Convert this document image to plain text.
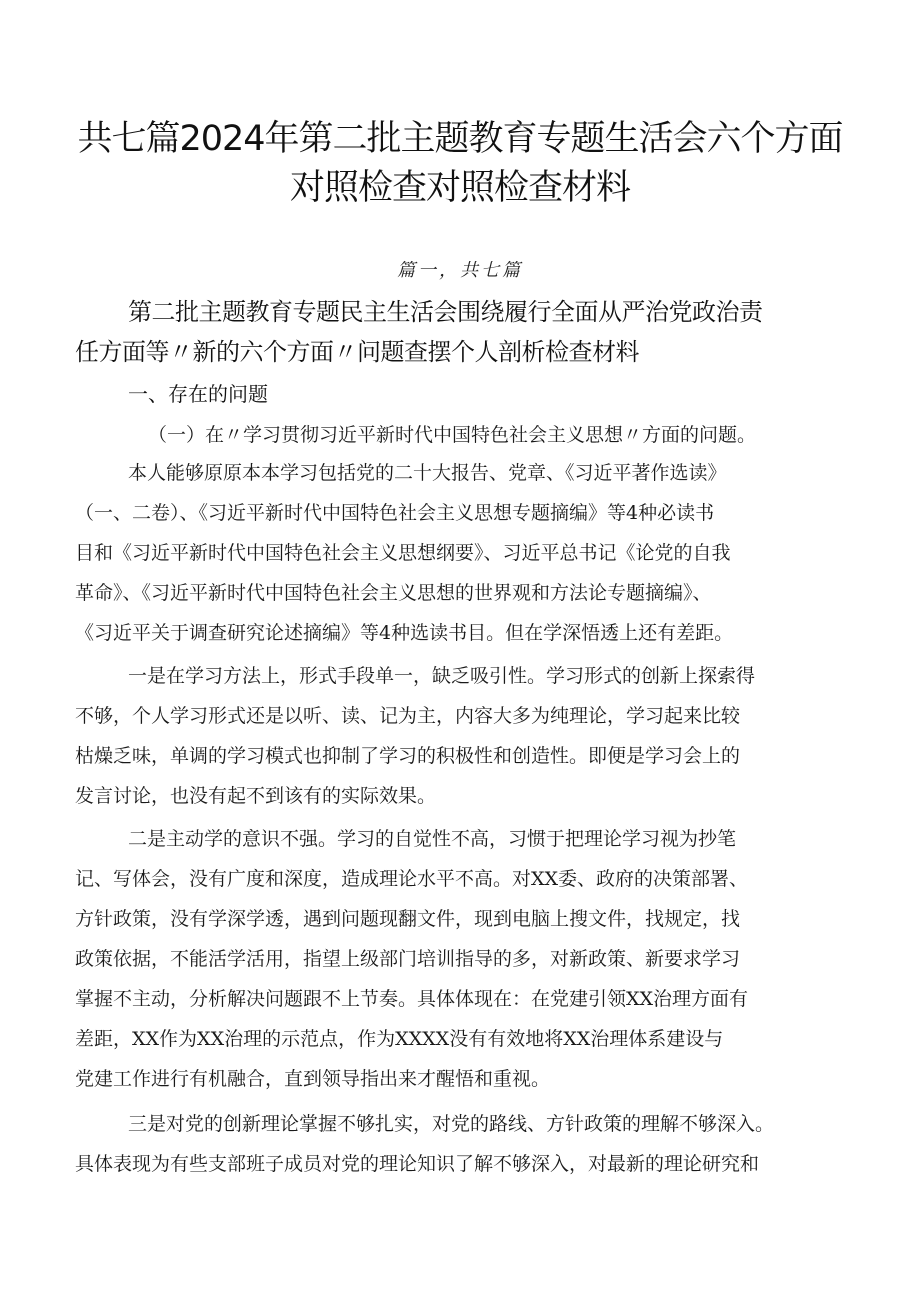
共七篇2024年第二批主题教育专题生活会六个方面
对照检查对照检查材料
篇一，共七篇
第二批主题教育专题民主生活会围绕履行全面从严治党政治责
任方面等〃新的六个方面〃问题查摆个人剖析检查材料
一、存在的问题
（一）在〃学习贯彻习近平新时代中国特色社会主义思想〃方面的问题。
本人能够原原本本学习包括党的二十大报告、党章、《习近平著作选读》
（一、二卷）、《习近平新时代中国特色社会主义思想专题摘编》等4种必读书
目和《习近平新时代中国特色社会主义思想纲要》、习近平总书记《论党的自我
革命》、《习近平新时代中国特色社会主义思想的世界观和方法论专题摘编》、
《习近平关于调查研究论述摘编》等4种选读书目。但在学深悟透上还有差距。
一是在学习方法上，形式手段单一，缺乏吸引性。学习形式的创新上探索得
不够，个人学习形式还是以听、读、记为主，内容大多为纯理论，学习起来比较
枯燥乏味，单调的学习模式也抑制了学习的积极性和创造性。即便是学习会上的
发言讨论，也没有起不到该有的实际效果。
二是主动学的意识不强。学习的自觉性不高，习惯于把理论学习视为抄笔
记、写体会，没有广度和深度，造成理论水平不高。对XX委、政府的决策部署、
方针政策，没有学深学透，遇到问题现翻文件，现到电脑上搜文件，找规定，找
政策依据，不能活学活用，指望上级部门培训指导的多，对新政策、新要求学习
掌握不主动，分析解决问题跟不上节奏。具体体现在：在党建引领XX治理方面有
差距，XX作为XX治理的示范点，作为XXXX没有有效地将XX治理体系建设与
党建工作进行有机融合，直到领导指出来才醒悟和重视。
三是对党的创新理论掌握不够扎实，对党的路线、方针政策的理解不够深入。
具体表现为有些支部班子成员对党的理论知识了解不够深入，对最新的理论研究和
